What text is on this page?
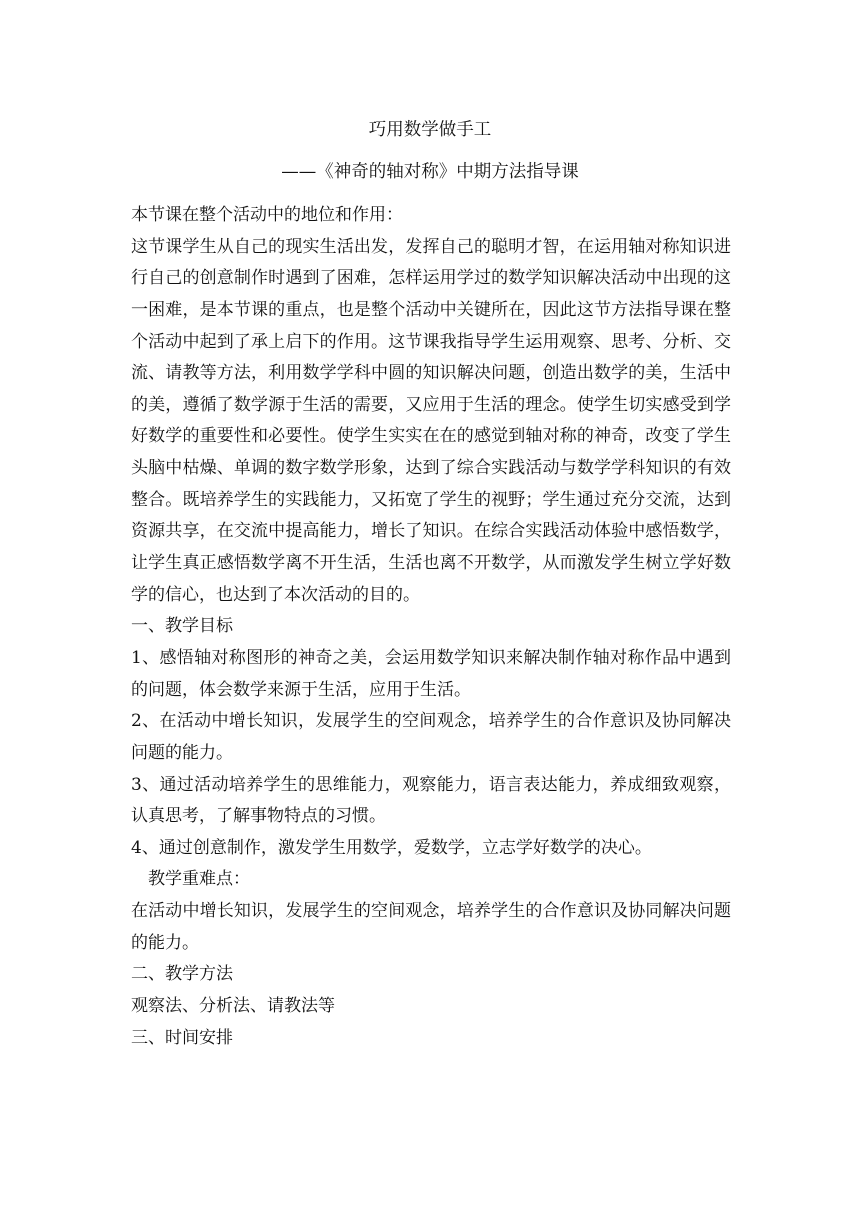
巧用数学做手工
——《神奇的轴对称》中期方法指导课
本节课在整个活动中的地位和作用：
这节课学生从自己的现实生活出发，发挥自己的聪明才智，在运用轴对称知识进
行自己的创意制作时遇到了困难，怎样运用学过的数学知识解决活动中出现的这
一困难，是本节课的重点，也是整个活动中关键所在，因此这节方法指导课在整
个活动中起到了承上启下的作用。这节课我指导学生运用观察、思考、分析、交
流、请教等方法，利用数学学科中圆的知识解决问题，创造出数学的美，生活中
的美，遵循了数学源于生活的需要，又应用于生活的理念。使学生切实感受到学
好数学的重要性和必要性。使学生实实在在的感觉到轴对称的神奇，改变了学生
头脑中枯燥、单调的数字数学形象，达到了综合实践活动与数学学科知识的有效
整合。既培养学生的实践能力，又拓宽了学生的视野；学生通过充分交流，达到
资源共享，在交流中提高能力，增长了知识。在综合实践活动体验中感悟数学，
让学生真正感悟数学离不开生活，生活也离不开数学，从而激发学生树立学好数
学的信心，也达到了本次活动的目的。
一、教学目标
1、感悟轴对称图形的神奇之美，会运用数学知识来解决制作轴对称作品中遇到
的问题，体会数学来源于生活，应用于生活。
2、在活动中增长知识，发展学生的空间观念，培养学生的合作意识及协同解决
问题的能力。
3、通过活动培养学生的思维能力，观察能力，语言表达能力，养成细致观察，
认真思考，了解事物特点的习惯。
4、通过创意制作，激发学生用数学，爱数学，立志学好数学的决心。
教学重难点：
在活动中增长知识，发展学生的空间观念，培养学生的合作意识及协同解决问题
的能力。
二、教学方法
观察法、分析法、请教法等
三、时间安排
